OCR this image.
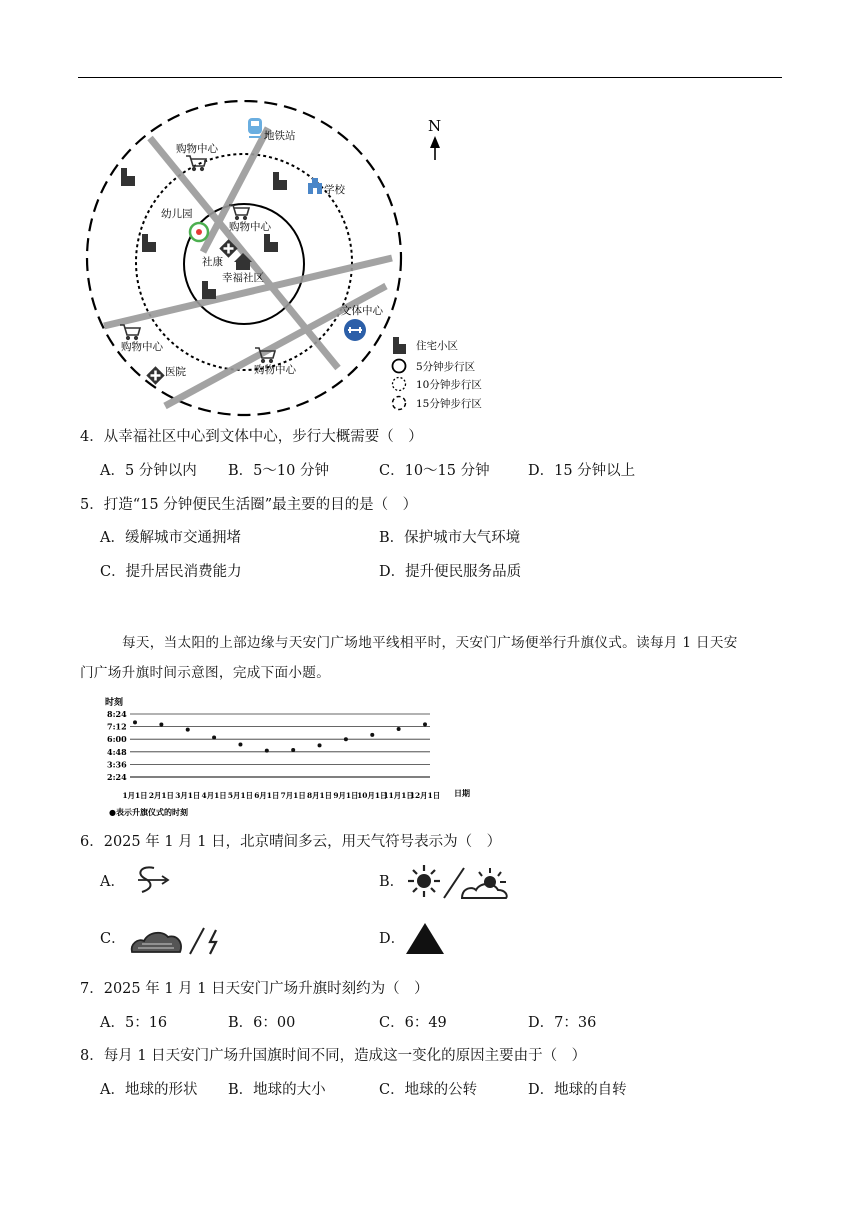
地铁站
学校
购物中心
购物中心
购物中心
购物中心
幼儿园
社康
幸福社区
文体中心
医院
N
住宅小区
5分钟步行区
10分钟步行区
15分钟步行区
4．从幸福社区中心到文体中心，步行大概需要（　）
A．5 分钟以内 B．5～10 分钟	C．10～15 分钟	D．15 分钟以上
5．打造“15 分钟便民生活圈”最主要的目的是（　）
A．缓解城市交通拥堵	B．保护城市大气环境
C．提升居民消费能力	D．提升便民服务品质
每天，当太阳的上部边缘与天安门广场地平线相平时，天安门广场便举行升旗仪式。读每月 1 日天安
门广场升旗时间示意图，完成下面小题。
时刻
8:24
7:12
6:00
4:48
3:36
2:24
1月1日 2月1日 3月1日 4月1日 5月1日 6月1日 7月1日 8月1日 9月1日
10月1日
11月1日
12月1日 日期
●表示升旗仪式的时刻
6．2025 年 1 月 1 日，北京晴间多云，用天气符号表示为（　）
A．	B．
C．	D．
7．2025 年 1 月 1 日天安门广场升旗时刻约为（　）
A．5：16	B．6：00	C．6：49	D．7：36
8．每月 1 日天安门广场升国旗时间不同，造成这一变化的原因主要由于（　）
A．地球的形状 B．地球的大小	C．地球的公转	D．地球的自转
